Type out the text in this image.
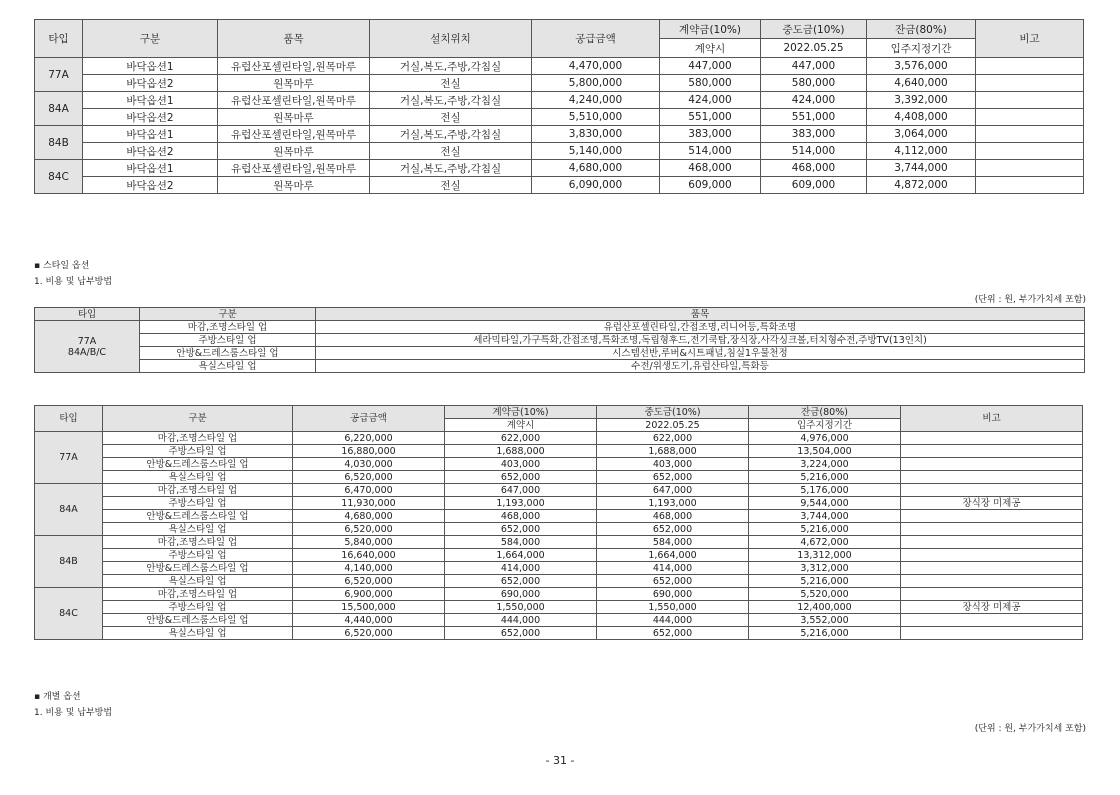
타입	구분	품목	설치위치	공급금액	계약금(10%)	중도금(10%)	잔금(80%)	비고
					계약시	2022.05.25	입주지정기간	
77A	바닥옵션1	유럽산포셀린타일,원목마루	거실,복도,주방,각침실	4,470,000	447,000	447,000	3,576,000	
	바닥옵션2	원목마루	전실	5,800,000	580,000	580,000	4,640,000	
84A	바닥옵션1	유럽산포셀린타일,원목마루	거실,복도,주방,각침실	4,240,000	424,000	424,000	3,392,000	
	바닥옵션2	원목마루	전실	5,510,000	551,000	551,000	4,408,000	
84B	바닥옵션1	유럽산포셀린타일,원목마루	거실,복도,주방,각침실	3,830,000	383,000	383,000	3,064,000	
	바닥옵션2	원목마루	전실	5,140,000	514,000	514,000	4,112,000	
84C	바닥옵션1	유럽산포셀린타일,원목마루	거실,복도,주방,각침실	4,680,000	468,000	468,000	3,744,000	
	바닥옵션2	원목마루	전실	6,090,000	609,000	609,000	4,872,000	
▪ 스타일 옵션
1. 비용 및 납부방법
(단위 : 원, 부가가치세 포함)
타입	구분	품목

77A
84A/B/C	마감,조명스타일 업	유럽산포셀린타일,간접조명,리니어등,특화조명
	주방스타일 업	세라믹타일,가구특화,간접조명,특화조명,독립형후드,전기쿡탑,장식장,사각싱크볼,터치형수전,주방TV(13인치)
	안방&드레스룸스타일 업	시스템선반,루버&시트패널,침실1우물천정
	욕실스타일 업	수전/위생도기,유럽산타일,특화등
타입	구분	공급금액	계약금(10%)	중도금(10%)	잔금(80%)	비고
			계약시	2022.05.25	입주지정기간	
77A	마감,조명스타일 업	6,220,000	622,000	622,000	4,976,000	
	주방스타일 업	16,880,000	1,688,000	1,688,000	13,504,000	
	안방&드레스룸스타일 업	4,030,000	403,000	403,000	3,224,000	
	욕실스타일 업	6,520,000	652,000	652,000	5,216,000	
84A	마감,조명스타일 업	6,470,000	647,000	647,000	5,176,000	
	주방스타일 업	11,930,000	1,193,000	1,193,000	9,544,000	장식장 미제공
	안방&드레스룸스타일 업	4,680,000	468,000	468,000	3,744,000	
	욕실스타일 업	6,520,000	652,000	652,000	5,216,000	
84B	마감,조명스타일 업	5,840,000	584,000	584,000	4,672,000	
	주방스타일 업	16,640,000	1,664,000	1,664,000	13,312,000	
	안방&드레스룸스타일 업	4,140,000	414,000	414,000	3,312,000	
	욕실스타일 업	6,520,000	652,000	652,000	5,216,000	
84C	마감,조명스타일 업	6,900,000	690,000	690,000	5,520,000	
	주방스타일 업	15,500,000	1,550,000	1,550,000	12,400,000	장식장 미제공
	안방&드레스룸스타일 업	4,440,000	444,000	444,000	3,552,000	
	욕실스타일 업	6,520,000	652,000	652,000	5,216,000	
▪ 개별 옵션
1. 비용 및 납부방법
(단위 : 원, 부가가치세 포함)
- 31 -
